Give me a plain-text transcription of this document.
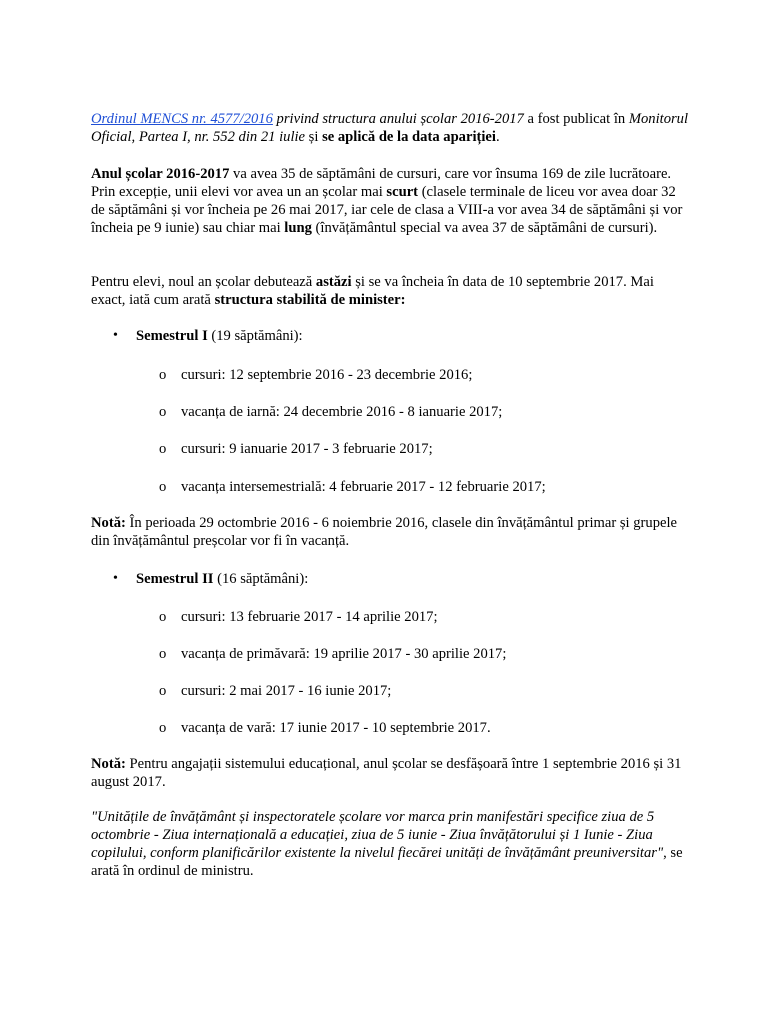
Ordinul MENCS nr. 4577/2016 privind structura anului școlar 2016-2017 a fost publicat în Monitorul Oficial, Partea I, nr. 552 din 21 iulie și se aplică de la data apariției.

Anul școlar 2016-2017 va avea 35 de săptămâni de cursuri, care vor însuma 169 de zile lucrătoare. Prin excepție, unii elevi vor avea un an școlar mai scurt (clasele terminale de liceu vor avea doar 32 de săptămâni și vor încheia pe 26 mai 2017, iar cele de clasa a VIII-a vor avea 34 de săptămâni și vor încheia pe 9 iunie) sau chiar mai lung (învățământul special va avea 37 de săptămâni de cursuri).

Pentru elevi, noul an școlar debutează astăzi și se va încheia în data de 10 septembrie 2017. Mai exact, iată cum arată structura stabilită de minister:

• Semestrul I (19 săptămâni):
o cursuri: 12 septembrie 2016 - 23 decembrie 2016;
o vacanța de iarnă: 24 decembrie 2016 - 8 ianuarie 2017;
o cursuri: 9 ianuarie 2017 - 3 februarie 2017;
o vacanța intersemestrială: 4 februarie 2017 - 12 februarie 2017;

Notă: În perioada 29 octombrie 2016 - 6 noiembrie 2016, clasele din învățământul primar și grupele din învățământul preșcolar vor fi în vacanță.

• Semestrul II (16 săptămâni):
o cursuri: 13 februarie 2017 - 14 aprilie 2017;
o vacanța de primăvară: 19 aprilie 2017 - 30 aprilie 2017;
o cursuri: 2 mai 2017 - 16 iunie 2017;
o vacanța de vară: 17 iunie 2017 - 10 septembrie 2017.

Notă: Pentru angajații sistemului educațional, anul școlar se desfășoară între 1 septembrie 2016 și 31 august 2017.

"Unitățile de învățământ și inspectoratele școlare vor marca prin manifestări specifice ziua de 5 octombrie - Ziua internațională a educației, ziua de 5 iunie - Ziua învățătorului și 1 Iunie - Ziua copilului, conform planificărilor existente la nivelul fiecărei unități de învățământ preuniversitar", se arată în ordinul de ministru.
